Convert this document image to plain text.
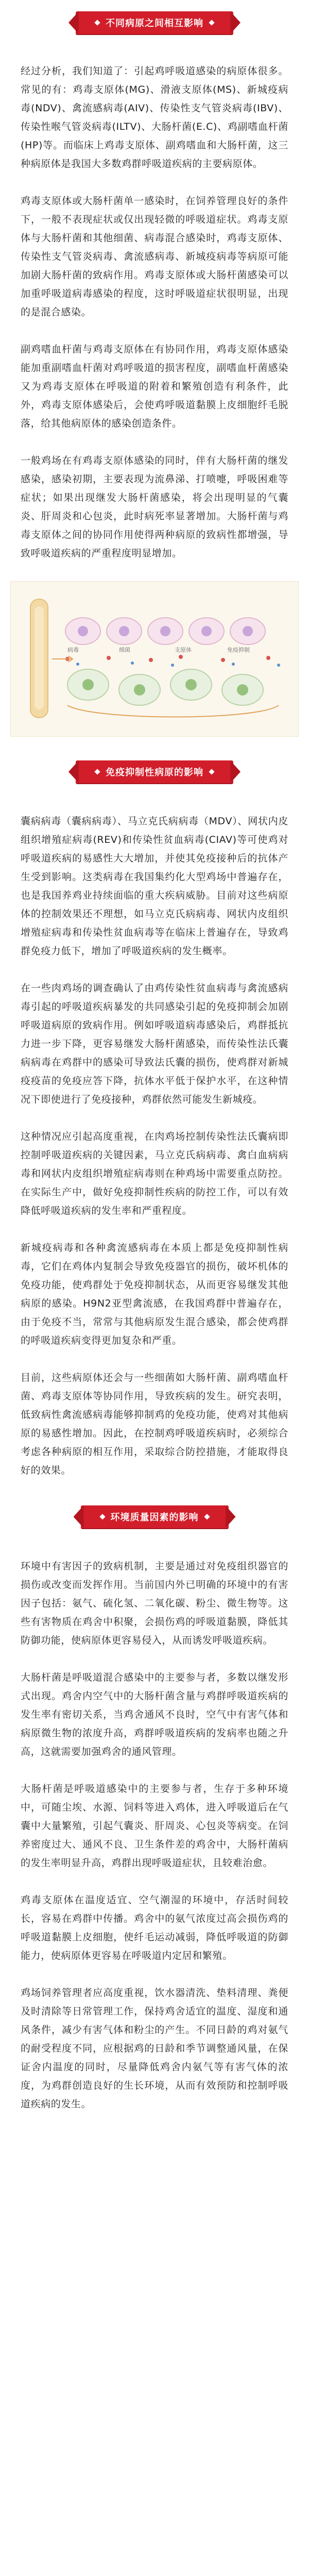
不同病原之间相互影响

经过分析，我们知道了：引起鸡呼吸道感染的病原体很多。常见的有：鸡毒支原体(MG)、滑液支原体(MS)、新城疫病毒(NDV)、禽流感病毒(AIV)、传染性支气管炎病毒(IBV)、传染性喉气管炎病毒(ILTV)、大肠杆菌(E.C)、鸡副嗜血杆菌(HP)等。而临床上鸡毒支原体、副鸡嗜血和大肠杆菌，这三种病原体是我国大多数鸡群呼吸道疾病的主要病原体。

鸡毒支原体或大肠杆菌单一感染时，在饲养管理良好的条件下，一般不表现症状或仅出现轻微的呼吸道症状。鸡毒支原体与大肠杆菌和其他细菌、病毒混合感染时，鸡毒支原体、传染性支气管炎病毒、禽流感病毒、新城疫病毒等病原可能加剧大肠杆菌的致病作用。鸡毒支原体或大肠杆菌感染可以加重呼吸道病毒感染的程度，这时呼吸道症状很明显，出现的是混合感染。

副鸡嗜血杆菌与鸡毒支原体在有协同作用，鸡毒支原体感染能加重副嗜血杆菌对鸡呼吸道的损害程度，副嗜血杆菌感染又为鸡毒支原体在呼吸道的附着和繁殖创造有利条件，此外，鸡毒支原体感染后，会使鸡呼吸道黏膜上皮细胞纤毛脱落，给其他病原体的感染创造条件。

一般鸡场在有鸡毒支原体感染的同时，伴有大肠杆菌的继发感染，感染初期，主要表现为流鼻涕、打喷嚏，呼吸困难等症状；如果出现继发大肠杆菌感染，将会出现明显的气囊炎、肝周炎和心包炎，此时病死率显著增加。大肠杆菌与鸡毒支原体之间的协同作用使得两种病原的致病性都增强，导致呼吸道疾病的严重程度明显增加。

病毒	细菌	支原体	免疫抑制
免疫抑制性病原的影响

囊病病毒（囊病病毒）、马立克氏病病毒（MDV）、网状内皮组织增殖症病毒(REV)和传染性贫血病毒(CIAV)等可使鸡对呼吸道疾病的易感性大大增加，并使其免疫接种后的抗体产生受到影响。这类病毒在我国集约化大型鸡场中普遍存在，也是我国养鸡业持续面临的重大疾病威胁。目前对这些病原体的控制效果还不理想，如马立克氏病病毒、网状内皮组织增殖症病毒和传染性贫血病毒等在临床上普遍存在，导致鸡群免疫力低下，增加了呼吸道疾病的发生概率。

在一些肉鸡场的调查确认了由鸡传染性贫血病毒与禽流感病毒引起的呼吸道疾病暴发的共同感染引起的免疫抑制会加剧呼吸道病原的致病作用。例如呼吸道病毒感染后，鸡群抵抗力进一步下降，更容易继发大肠杆菌感染，而传染性法氏囊病病毒在鸡群中的感染可导致法氏囊的损伤，使鸡群对新城疫疫苗的免疫应答下降，抗体水平低于保护水平，在这种情况下即使进行了免疫接种，鸡群依然可能发生新城疫。

这种情况应引起高度重视，在肉鸡场控制传染性法氏囊病即控制呼吸道疾病的关键因素，马立克氏病病毒、禽白血病病毒和网状内皮组织增殖症病毒则在种鸡场中需要重点防控。在实际生产中，做好免疫抑制性疾病的防控工作，可以有效降低呼吸道疾病的发生率和严重程度。

新城疫病毒和各种禽流感病毒在本质上都是免疫抑制性病毒，它们在鸡体内复制会导致免疫器官的损伤，破坏机体的免疫功能，使鸡群处于免疫抑制状态，从而更容易继发其他病原的感染。H9N2亚型禽流感，在我国鸡群中普遍存在，由于免疫不当，常常与其他病原发生混合感染，都会使鸡群的呼吸道疾病变得更加复杂和严重。

目前，这些病原体还会与一些细菌如大肠杆菌、副鸡嗜血杆菌、鸡毒支原体等协同作用，导致疾病的发生。研究表明，低致病性禽流感病毒能够抑制鸡的免疫功能，使鸡对其他病原的易感性增加。因此，在控制鸡呼吸道疾病时，必须综合考虑各种病原的相互作用，采取综合防控措施，才能取得良好的效果。

环境质量因素的影响

环境中有害因子的致病机制，主要是通过对免疫组织器官的损伤或改变而发挥作用。当前国内外已明确的环境中的有害因子包括：氨气、硫化氢、二氧化碳、粉尘、微生物等。这些有害物质在鸡舍中积聚，会损伤鸡的呼吸道黏膜，降低其防御功能，使病原体更容易侵入，从而诱发呼吸道疾病。

大肠杆菌是呼吸道混合感染中的主要参与者，多数以继发形式出现。鸡舍内空气中的大肠杆菌含量与鸡群呼吸道疾病的发生率有密切关系，当鸡舍通风不良时，空气中有害气体和病原微生物的浓度升高，鸡群呼吸道疾病的发病率也随之升高，这就需要加强鸡舍的通风管理。

大肠杆菌是呼吸道感染中的主要参与者，生存于多种环境中，可随尘埃、水源、饲料等进入鸡体，进入呼吸道后在气囊中大量繁殖，引起气囊炎、肝周炎、心包炎等病变。在饲养密度过大、通风不良、卫生条件差的鸡舍中，大肠杆菌病的发生率明显升高，鸡群出现呼吸道症状，且较难治愈。

鸡毒支原体在温度适宜、空气潮湿的环境中，存活时间较长，容易在鸡群中传播。鸡舍中的氨气浓度过高会损伤鸡的呼吸道黏膜上皮细胞，使纤毛运动减弱，降低呼吸道的防御能力，使病原体更容易在呼吸道内定居和繁殖。

鸡场饲养管理者应高度重视，饮水器清洗、垫料清理、粪便及时清除等日常管理工作，保持鸡舍适宜的温度、湿度和通风条件，减少有害气体和粉尘的产生。不同日龄的鸡对氨气的耐受程度不同，应根据鸡的日龄和季节调整通风量，在保证舍内温度的同时，尽量降低鸡舍内氨气等有害气体的浓度，为鸡群创造良好的生长环境，从而有效预防和控制呼吸道疾病的发生。
